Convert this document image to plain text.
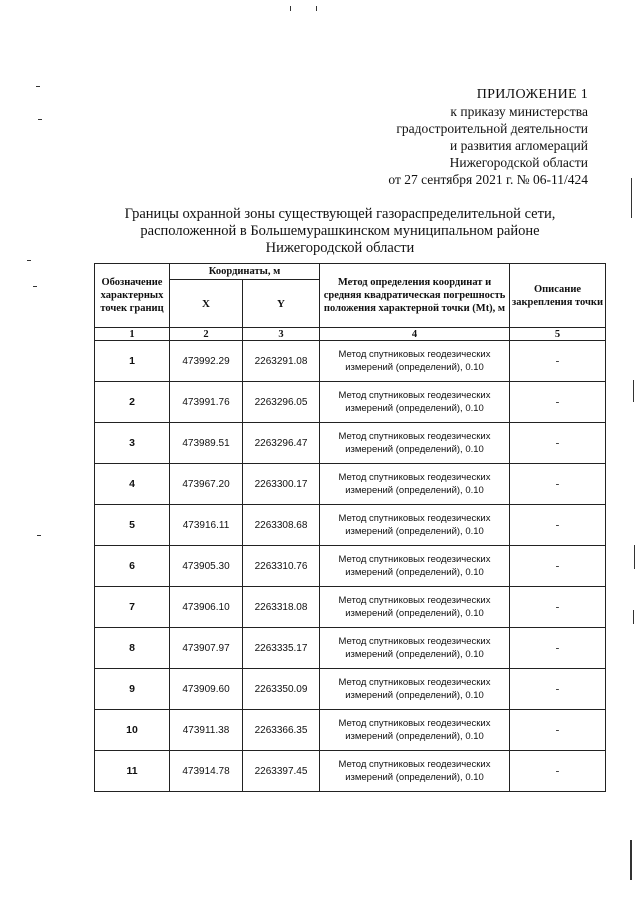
ПРИЛОЖЕНИЕ 1
к приказу министерства
градостроительной деятельности
и развития агломераций
Нижегородской области
от 27 сентября 2021 г. № 06-11/424
Границы охранной зоны существующей газораспределительной сети,
расположенной в Большемурашкинском муниципальном районе
Нижегородской области
Обозначение характерных точек границ	Координаты, м		Метод определения координат и средняя квадратическая погрешность положения характерной точки (Mt), м	Описание закрепления точки
	X	Y		
1	2	3	4	5
1	473992.29	2263291.08	Метод спутниковых геодезических измерений (определений), 0.10	-
2	473991.76	2263296.05	Метод спутниковых геодезических измерений (определений), 0.10	-
3	473989.51	2263296.47	Метод спутниковых геодезических измерений (определений), 0.10	-
4	473967.20	2263300.17	Метод спутниковых геодезических измерений (определений), 0.10	-
5	473916.11	2263308.68	Метод спутниковых геодезических измерений (определений), 0.10	-
6	473905.30	2263310.76	Метод спутниковых геодезических измерений (определений), 0.10	-
7	473906.10	2263318.08	Метод спутниковых геодезических измерений (определений), 0.10	-
8	473907.97	2263335.17	Метод спутниковых геодезических измерений (определений), 0.10	-
9	473909.60	2263350.09	Метод спутниковых геодезических измерений (определений), 0.10	-
10	473911.38	2263366.35	Метод спутниковых геодезических измерений (определений), 0.10	-
11	473914.78	2263397.45	Метод спутниковых геодезических измерений (определений), 0.10	-
